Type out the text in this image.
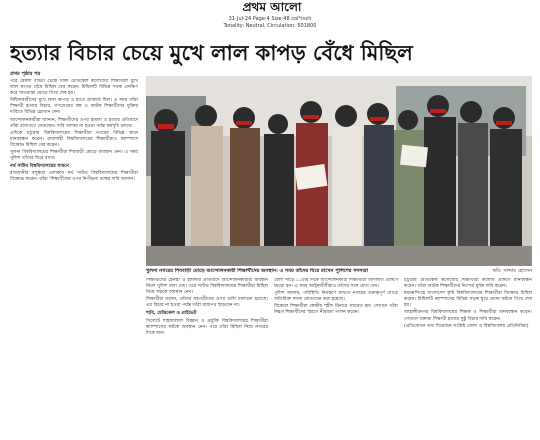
প্রথম আলো
31-Jul-24 Page:4 Size:48 col*inch
Tonality: Neutral, Circulation: 501800
হত্যার বিচার চেয়ে মুখে লাল কাপড় বেঁধে মিছিল
প্রথম পৃষ্ঠার পর

পরে মেরুল বাড্ডা থেকে ঢাকা মেডিকেল কলেজের শিক্ষার্থীরা মুখে লাল কাপড় বেঁধে মিছিল বের করেন। মিছিলটি বিভিন্ন সড়ক প্রদক্ষিণ করে সাতরাস্তা মোড়ে গিয়ে শেষ হয়।

মিছিলকারীদের মুখে লাল কাপড় ও হাতে প্ল্যাকার্ড ছিল। এ সময় তাঁরা শিক্ষার্থী হত্যার বিচার, গণগ্রেপ্তার বন্ধ ও আটক শিক্ষার্থীদের মুক্তির দাবিতে বিভিন্ন স্লোগান দেন।

আন্দোলনকারীরা জানান, শিক্ষার্থীদের ওপর হামলা ও হত্যার প্রতিবাদে তাঁরা রাজপথে নেমেছেন। দাবি আদায় না হওয়া পর্যন্ত কর্মসূচি চলবে।

এদিকে চট্টগ্রাম বিশ্ববিদ্যালয়ের শিক্ষার্থীরা নগরের বিভিন্ন স্থানে মানববন্ধন করেন। রাজশাহী বিশ্ববিদ্যালয়ের শিক্ষার্থীরাও ক্যাম্পাসে বিক্ষোভ মিছিল বের করেন।

খুলনা বিশ্ববিদ্যালয়ের শিক্ষার্থীরা শিববাড়ী মোড়ে অবস্থান নেন। এ সময় পুলিশ তাঁদের ঘিরে রাখে।

নর্থ সাউথ বিশ্ববিদ্যালয়ের সামনে

রাজধানীর বসুন্ধরা এলাকায় নর্থ সাউথ বিশ্ববিদ্যালয়ের শিক্ষার্থীরা বিক্ষোভ করেন। তাঁরা 'শিক্ষার্থীদের ওপর নিপীড়ন' বন্ধের দাবি জানান।

খুলনা নগরের শিববাড়ী মোড়ে আন্দোলনকারী শিক্ষার্থীদের অবস্থান। এ সময় তাঁদের ঘিরে রাখেন পুলিশের সদস্যরা	ছবি: সাদ্দাম হোসেন

শিক্ষার্থীদের হেনস্তা ও হামলার প্রতিবাদে আন্দোলনকারীরা অবস্থান নিলে পুলিশ বাধা দেয়। পরে সাউথ বিশ্ববিদ্যালয়ের শিক্ষার্থীরা মিছিল নিয়ে সড়কে অবস্থান নেন।

শিক্ষার্থীরা বলেন, তাঁদের সহপাঠীদের ওপর গুলি চালানো হয়েছে। এর বিচার না হওয়া পর্যন্ত তাঁরা রাজপথ ছাড়বেন না।

শাবি, মেডিকেল ও প্রাইভেট

সিলেটে শাহজালাল বিজ্ঞান ও প্রযুক্তি বিশ্ববিদ্যালয়ের শিক্ষার্থীরা ক্যাম্পাসের ফটকে অবস্থান নেন। পরে তাঁরা মিছিল নিয়ে নগরের দিকে যান।

বেলা সাড়ে ১১টার দিকে আন্দোলনকারী শিক্ষার্থীরা আদালত প্রাঙ্গণে জড়ো হন। এ সময় আইনজীবীরাও তাঁদের সঙ্গে যোগ দেন।

পুলিশ জানায়, পরিস্থিতি নিয়ন্ত্রণে রাখতে নগরের গুরুত্বপূর্ণ মোড়ে অতিরিক্ত সদস্য মোতায়েন করা হয়েছে।

বিকেলে শিক্ষার্থীরা কেন্দ্রীয় শহীদ মিনারে সমবেত হন। সেখানে তাঁরা নিহত শিক্ষার্থীদের স্মরণে নীরবতা পালন করেন।

চট্টগ্রাম মেডিকেল কলেজের শিক্ষার্থীরা কলেজ প্রাঙ্গণে মানববন্ধন করেন। তাঁরা আটক শিক্ষার্থীদের নিঃশর্ত মুক্তি দাবি করেন।

ময়মনসিংহে বাংলাদেশ কৃষি বিশ্ববিদ্যালয়ের শিক্ষার্থীরা বিক্ষোভ মিছিল করেন। মিছিলটি ক্যাম্পাসের বিভিন্ন সড়ক ঘুরে প্রধান ফটকে গিয়ে শেষ হয়।

জাহাঙ্গীরনগর বিশ্ববিদ্যালয়ের শিক্ষক ও শিক্ষার্থীরা মানববন্ধন করেন। সেখানে বক্তারা শিক্ষার্থী হত্যার সুষ্ঠু বিচার দাবি করেন।

(প্রতিবেদনে তথ্য দিয়েছেন সংশ্লিষ্ট জেলা ও বিশ্ববিদ্যালয় প্রতিনিধিরা)
